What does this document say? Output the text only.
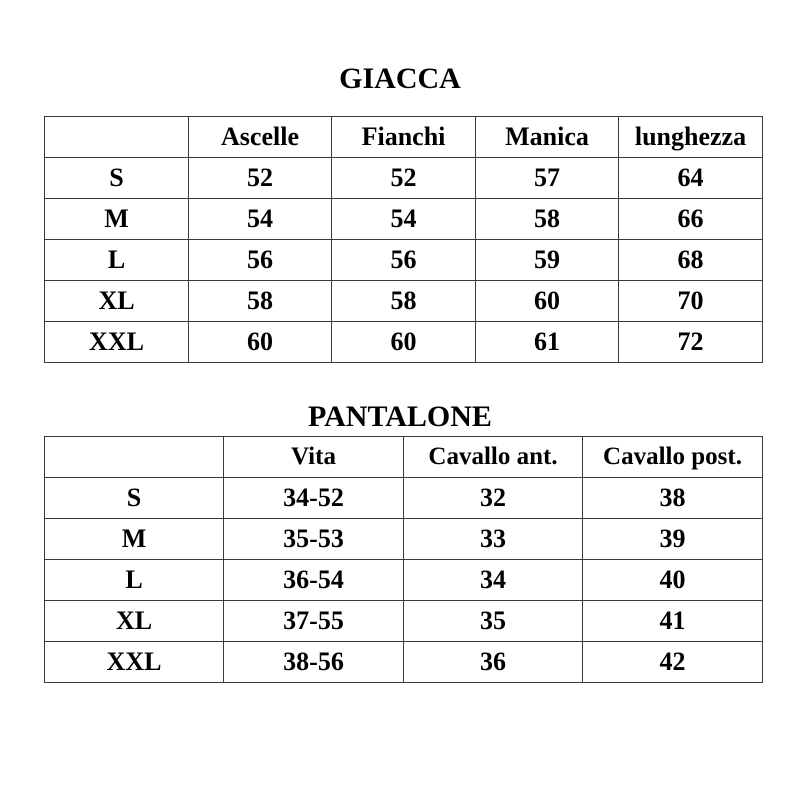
GIACCA
	Ascelle	Fianchi	Manica	lunghezza
S	52	52	57	64
M	54	54	58	66
L	56	56	59	68
XL	58	58	60	70
XXL	60	60	61	72
PANTALONE
	Vita	Cavallo ant.	Cavallo post.
S	34-52	32	38
M	35-53	33	39
L	36-54	34	40
XL	37-55	35	41
XXL	38-56	36	42
